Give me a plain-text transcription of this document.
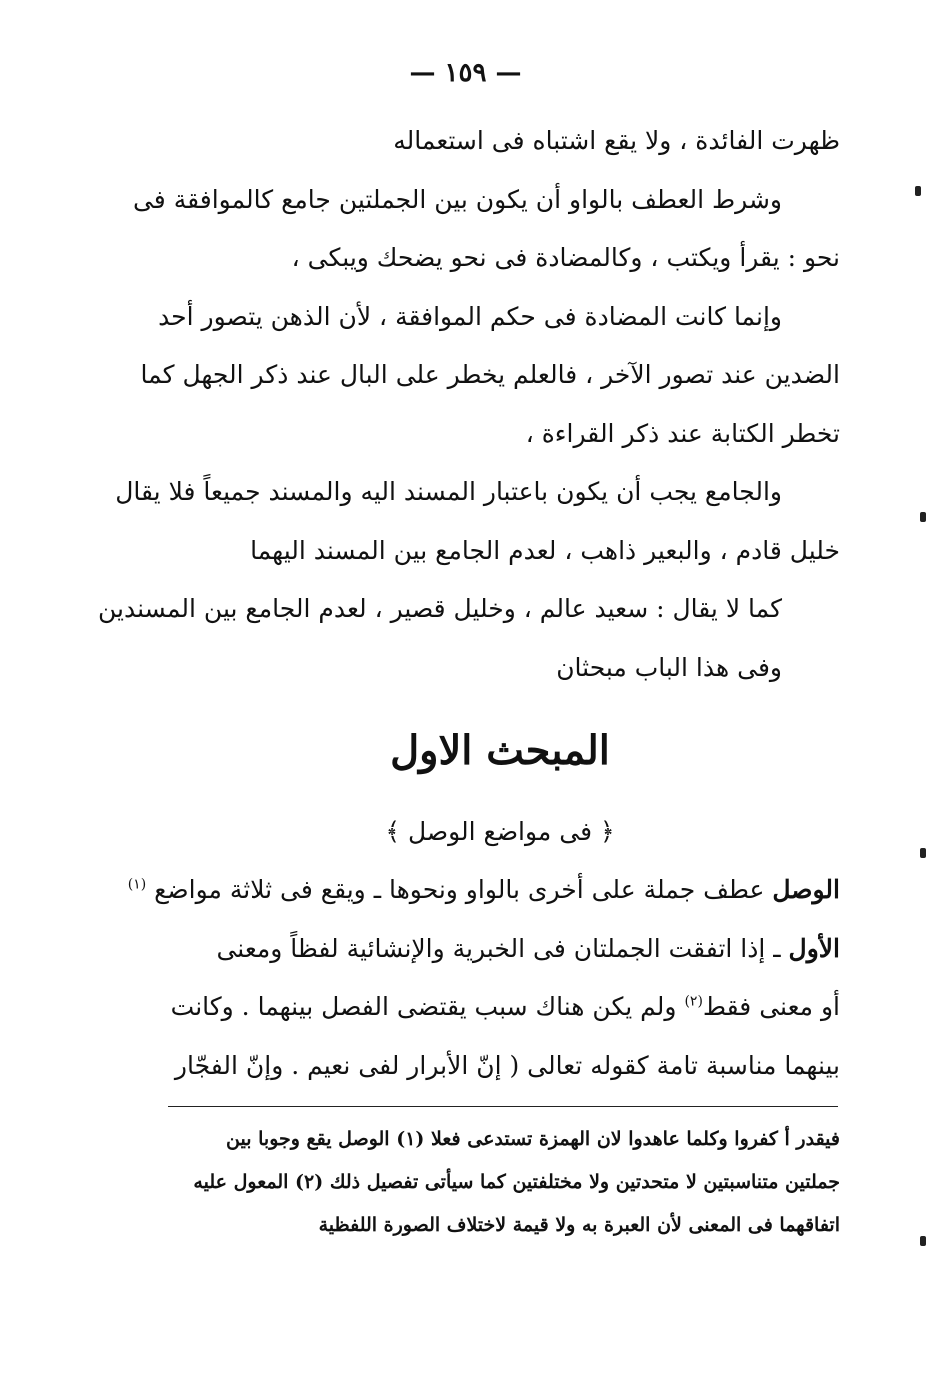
— ١٥٩ —
ظهرت الفائدة ، ولا يقع اشتباه فى استعماله
وشرط العطف بالواو أن يكون بين الجملتين جامع كالموافقة فى
نحو : يقرأ ويكتب ، وكالمضادة فى نحو يضحك ويبكى ،
وإنما كانت المضادة فى حكم الموافقة ، لأن الذهن يتصور أحد
الضدين عند تصور الآخر ، فالعلم يخطر على البال عند ذكر الجهل كما
تخطر الكتابة عند ذكر القراءة ،
والجامع يجب أن يكون باعتبار المسند اليه والمسند جميعاً فلا يقال
خليل قادم ، والبعير ذاهب ، لعدم الجامع بين المسند اليهما
كما لا يقال : سعيد عالم ، وخليل قصير ، لعدم الجامع بين المسندين
وفى هذا الباب مبحثان
المبحث الاول
﴿ فى مواضع الوصل ﴾
الوصل عطف جملة على أخرى بالواو ونحوها ـ ويقع فى ثلاثة مواضع $^{(١)}$
الأول ـ إذا اتفقت الجملتان فى الخبرية والإنشائية لفظاً ومعنى
أو معنى فقط$^{(٢)}$ ولم يكن هناك سبب يقتضى الفصل بينهما . وكانت
بينهما مناسبة تامة كقوله تعالى ( إنّ الأبرار لفى نعيم . وإنّ الفجّار
فيقدر أ كفروا وكلما عاهدوا لان الهمزة تستدعى فعلا (١) الوصل يقع وجوبا بين
جملتين متناسبتين لا متحدتين ولا مختلفتين كما سيأتى تفصيل ذلك (٢) المعول عليه
اتفاقهما فى المعنى لأن العبرة به ولا قيمة لاختلاف الصورة اللفظية
